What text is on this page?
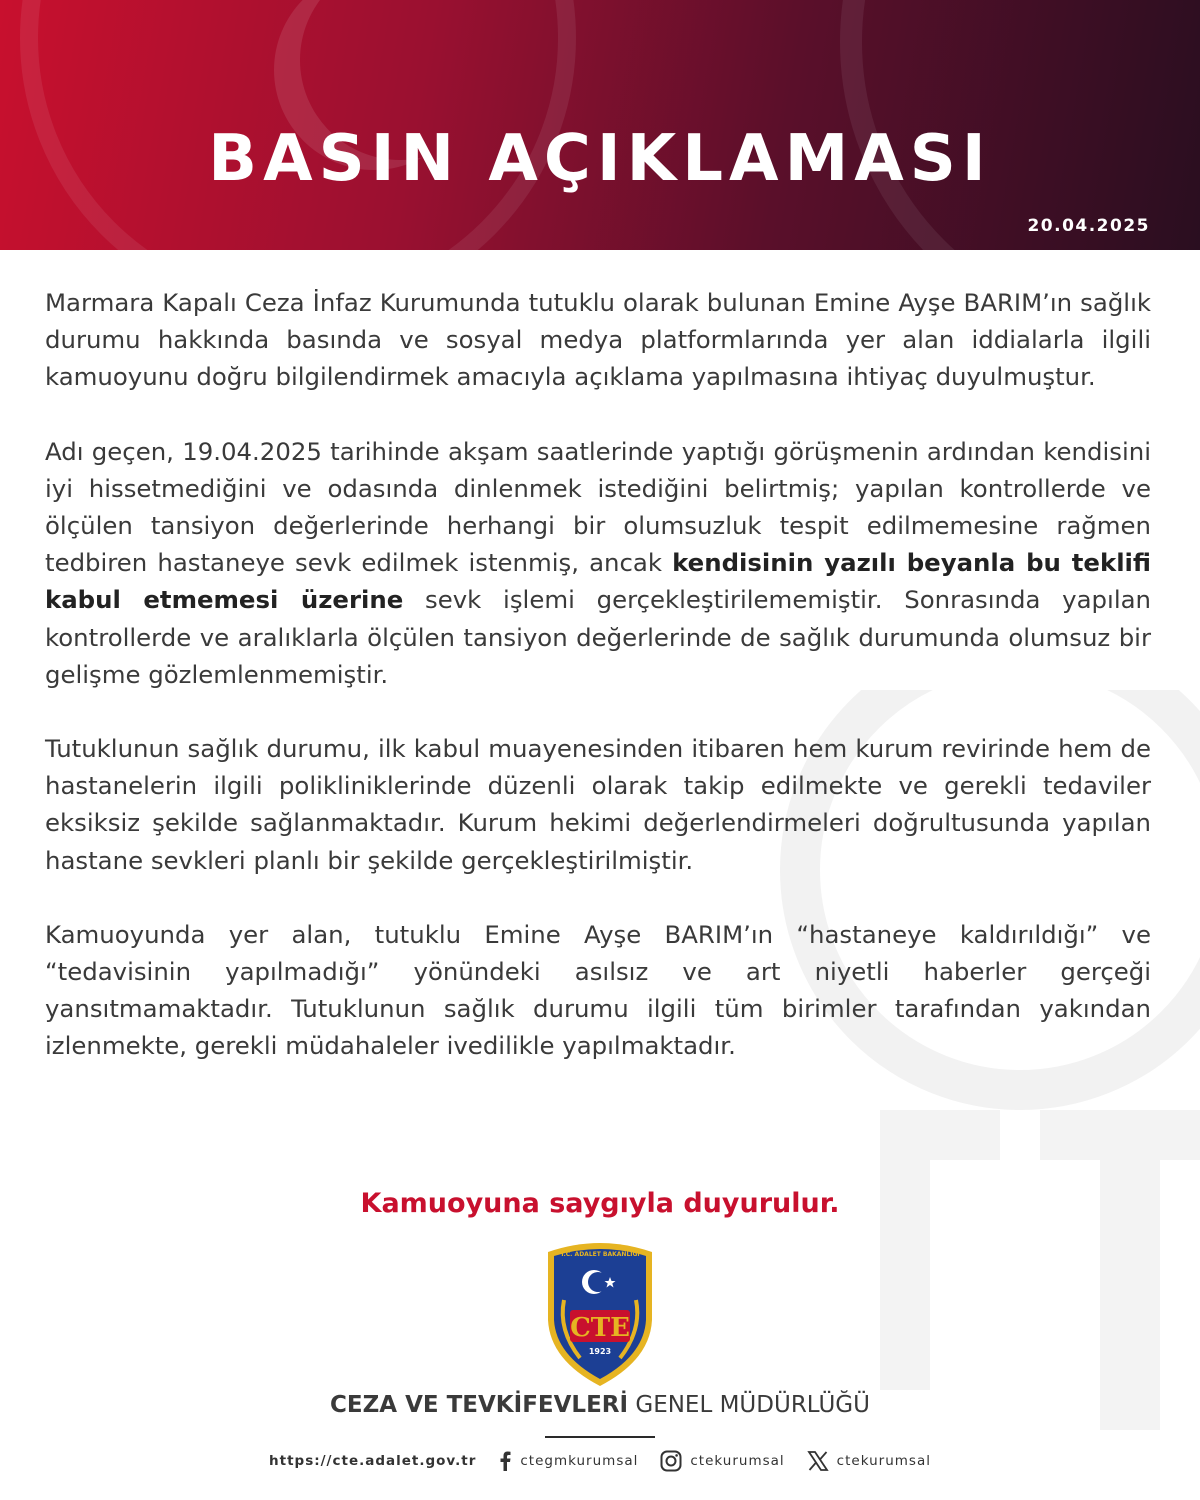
BASIN AÇIKLAMASI
20.04.2025

Marmara Kapalı Ceza İnfaz Kurumunda tutuklu olarak bulunan Emine Ayşe BARIM’ın sağlık durumu hakkında basında ve sosyal medya platformlarında yer alan iddialarla ilgili kamuoyunu doğru bilgilendirmek amacıyla açıklama yapılmasına ihtiyaç duyulmuştur.

Adı geçen, 19.04.2025 tarihinde akşam saatlerinde yaptığı görüşmenin ardından kendisini iyi hissetmediğini ve odasında dinlenmek istediğini belirtmiş; yapılan kontrollerde ve ölçülen tansiyon değerlerinde herhangi bir olumsuzluk tespit edilmemesine rağmen tedbiren hastaneye sevk edilmek istenmiş, ancak kendisinin yazılı beyanla bu teklifi kabul etmemesi üzerine sevk işlemi gerçekleştirilememiştir. Sonrasında yapılan kontrollerde ve aralıklarla ölçülen tansiyon değerlerinde de sağlık durumunda olumsuz bir gelişme gözlemlenmemiştir.

Tutuklunun sağlık durumu, ilk kabul muayenesinden itibaren hem kurum revirinde hem de hastanelerin ilgili polikliniklerinde düzenli olarak takip edilmekte ve gerekli tedaviler eksiksiz şekilde sağlanmaktadır. Kurum hekimi değerlendirmeleri doğrultusunda yapılan hastane sevkleri planlı bir şekilde gerçekleştirilmiştir.

Kamuoyunda yer alan, tutuklu Emine Ayşe BARIM’ın “hastaneye kaldırıldığı” ve “tedavisinin yapılmadığı” yönündeki asılsız ve art niyetli haberler gerçeği yansıtmamaktadır. Tutuklunun sağlık durumu ilgili tüm birimler tarafından yakından izlenmekte, gerekli müdahaleler ivedilikle yapılmaktadır.

Kamuoyuna saygıyla duyurulur.
T.C. ADALET BAKANLIĞI
CTE
1923
CEZA VE TEVKİFEVLERİ GENEL MÜDÜRLÜĞÜ
https://cte.adalet.gov.tr	ctegmkurumsal	ctekurumsal	ctekurumsal
